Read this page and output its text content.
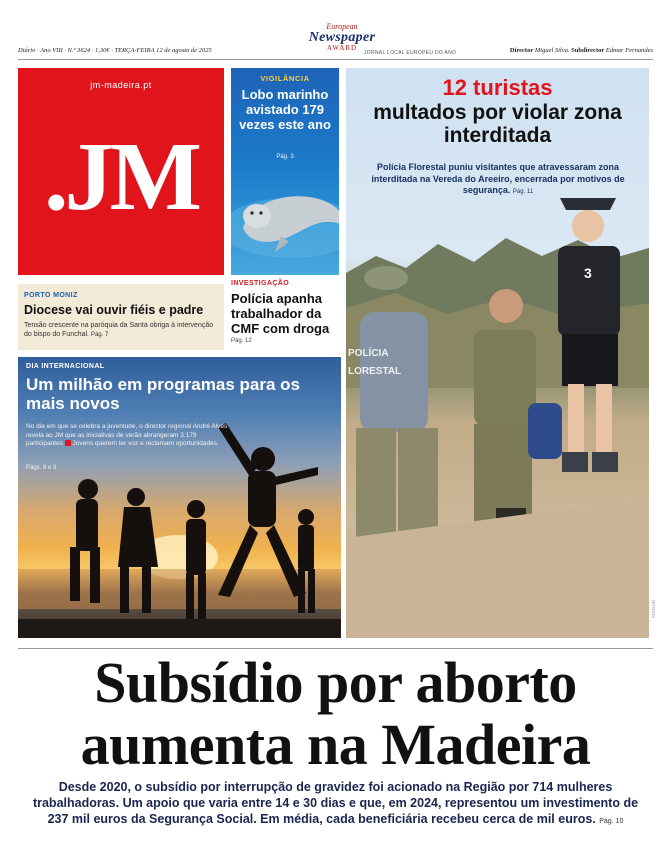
Diário · Ano VIII · N.º 3624 · 1,30€ · TERÇA-FEIRA 12 de agosto de 2025
European
Newspaper
AWARD
JORNAL LOCAL EUROPEU DO ANO	Director Miguel Silva. Subdirector Edmar Fernandes
jm-madeira.pt
.JM
VIGILÂNCIA
Lobo marinho avistado 179 vezes este ano
Pág. 3
POLÍCIA LORESTAL
3
12 turistas
multados por violar zona interditada
Polícia Florestal puniu visitantes que atravessaram zona interditada na Vereda do Areeiro, encerrada por motivos de segurança. Pág. 11
FOTO DR
PORTO MONIZ
Diocese vai ouvir fiéis e padre
Tensão crescente na paróquia da Santa obriga à intervenção do bispo do Funchal. Pág. 7
INVESTIGAÇÃO
Polícia apanha trabalhador da CMF com droga
Pág. 12
DIA INTERNACIONAL
Um milhão em programas para os mais novos
No dia em que se celebra a juventude, o director regional André Alves revela ao JM que as iniciativas de verão abrangeram 3.179 participantes Jovens querem ter voz e reclamam oportunidades.
Págs. 8 e 9
Subsídio por aborto
aumenta na Madeira
Desde 2020, o subsídio por interrupção de gravidez foi acionado na Região por 714 mulheres trabalhadoras. Um apoio que varia entre 14 e 30 dias e que, em 2024, representou um investimento de 237 mil euros da Segurança Social. Em média, cada beneficiária recebeu cerca de mil euros. Pág. 10
